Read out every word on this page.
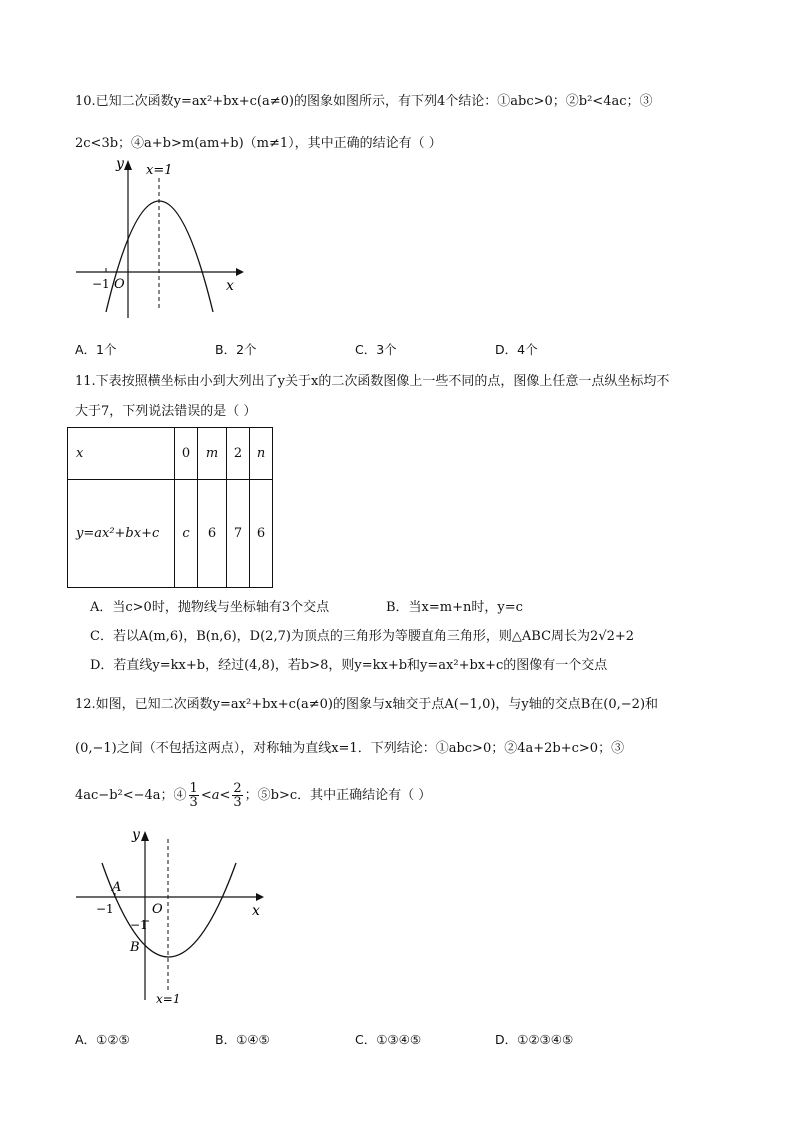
10.已知二次函数y=ax²+bx+c(a≠0)的图象如图所示，有下列4个结论：①abc>0；②b²<4ac；③
2c<3b；④a+b>m(am+b)（m≠1），其中正确的结论有（ ）
y x=1
O	x
−1
A．1个	B．2个	C．3个	D．4个
11.下表按照横坐标由小到大列出了y关于x的二次函数图像上一些不同的点，图像上任意一点纵坐标均不
大于7，下列说法错误的是（ ）
x	0	m	2	n
y=ax²+bx+c	c	6	7	6
A．当c>0时，抛物线与坐标轴有3个交点	B．当x=m+n时，y=c
C．若以A(m,6)，B(n,6)，D(2,7)为顶点的三角形为等腰直角三角形，则△ABC周长为2√2+2
D．若直线y=kx+b，经过(4,8)，若b>8，则y=kx+b和y=ax²+bx+c的图像有一个交点
12.如图，已知二次函数y=ax²+bx+c(a≠0)的图象与x轴交于点A(−1,0)，与y轴的交点B在(0,−2)和
(0,−1)之间（不包括这两点），对称轴为直线x=1．下列结论：①abc>0；②4a+2b+c>0；③
4ac−b²<−4a；④ $\frac{1}{3} <a< \frac{2}{3}$ ；⑤b>c．其中正确结论有（ ）
y
x
O
−1
−1
A
B
x=1
A．①②⑤	B．①④⑤	C．①③④⑤	D．①②③④⑤
